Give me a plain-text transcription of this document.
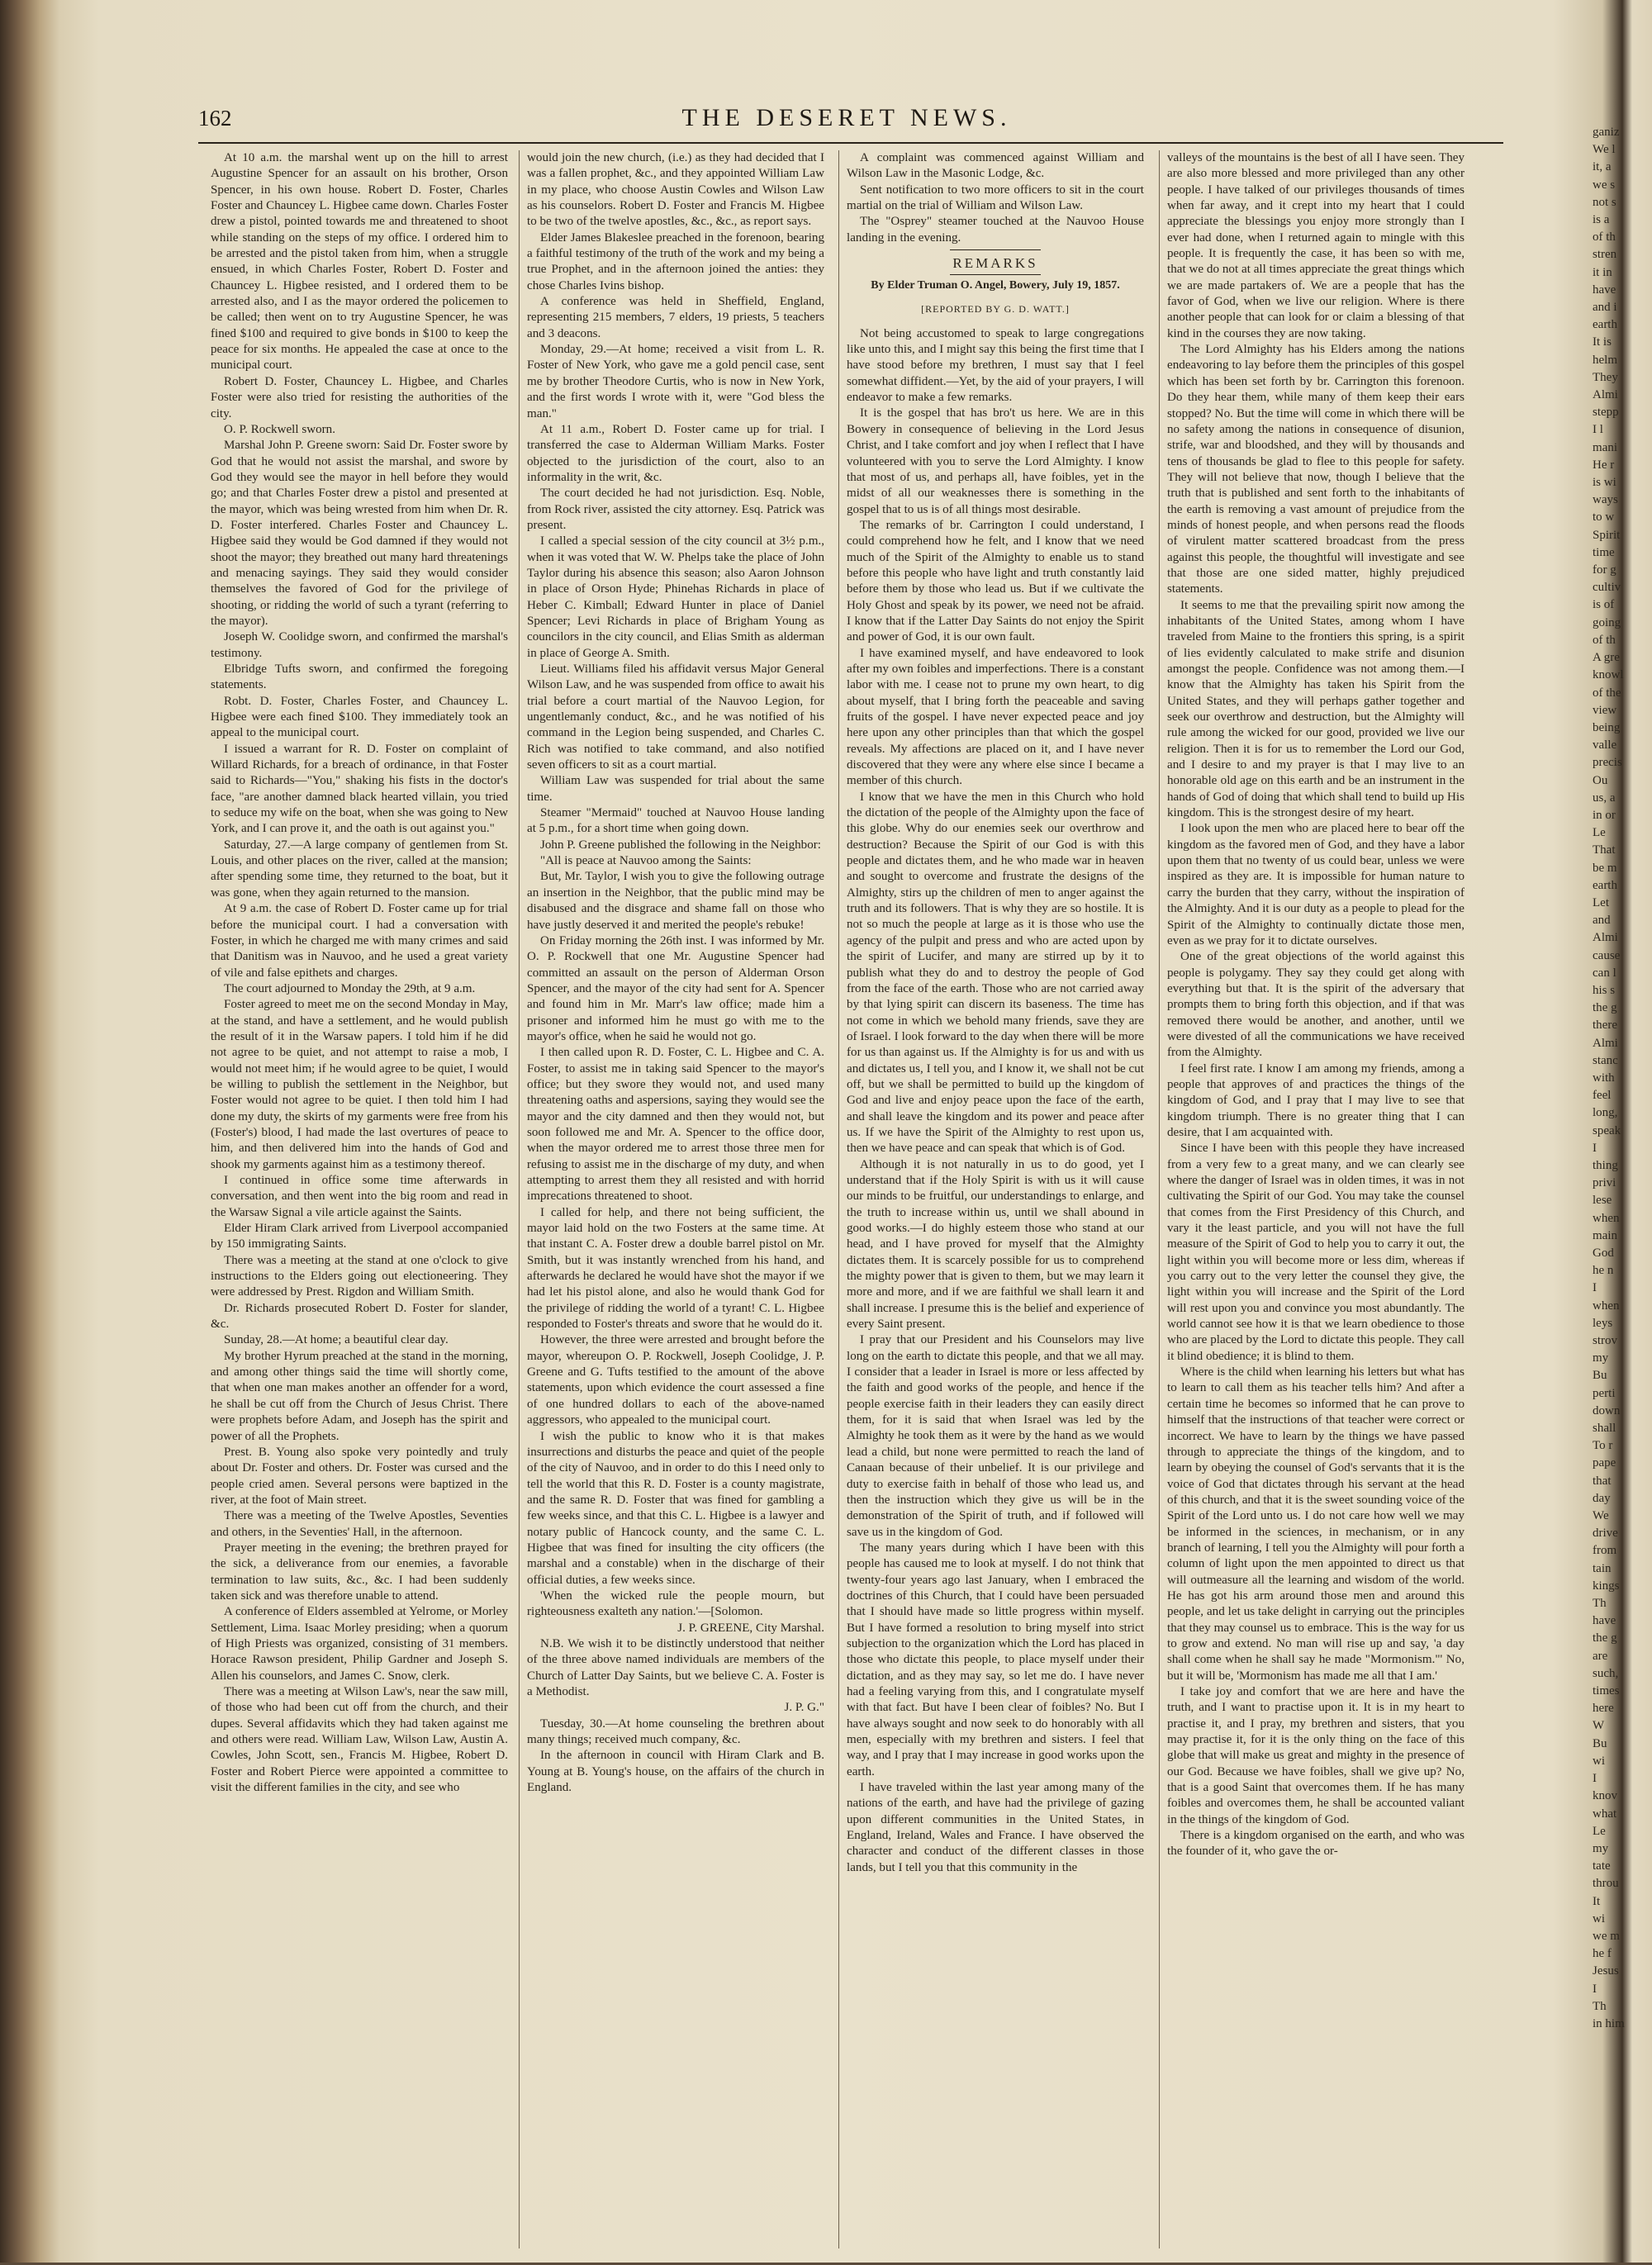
162	THE DESERET NEWS.

At 10 a.m. the marshal went up on the hill to arrest Augustine Spencer for an assault on his brother, Orson Spencer, in his own house. Robert D. Foster, Charles Foster and Chauncey L. Higbee came down. Charles Foster drew a pistol, pointed towards me and threatened to shoot while standing on the steps of my office. I ordered him to be arrested and the pistol taken from him, when a struggle ensued, in which Charles Foster, Robert D. Foster and Chauncey L. Higbee resisted, and I ordered them to be arrested also, and I as the mayor ordered the policemen to be called; then went on to try Augustine Spencer, he was fined $100 and required to give bonds in $100 to keep the peace for six months. He appealed the case at once to the municipal court.

Robert D. Foster, Chauncey L. Higbee, and Charles Foster were also tried for resisting the authorities of the city.

O. P. Rockwell sworn.

Marshal John P. Greene sworn: Said Dr. Foster swore by God that he would not assist the marshal, and swore by God they would see the mayor in hell before they would go; and that Charles Foster drew a pistol and presented at the mayor, which was being wrested from him when Dr. R. D. Foster interfered. Charles Foster and Chauncey L. Higbee said they would be God damned if they would not shoot the mayor; they breathed out many hard threatenings and menacing sayings. They said they would consider themselves the favored of God for the privilege of shooting, or ridding the world of such a tyrant (referring to the mayor).

Joseph W. Coolidge sworn, and confirmed the marshal's testimony.

Elbridge Tufts sworn, and confirmed the foregoing statements.

Robt. D. Foster, Charles Foster, and Chauncey L. Higbee were each fined $100. They immediately took an appeal to the municipal court.

I issued a warrant for R. D. Foster on complaint of Willard Richards, for a breach of ordinance, in that Foster said to Richards—"You," shaking his fists in the doctor's face, "are another damned black hearted villain, you tried to seduce my wife on the boat, when she was going to New York, and I can prove it, and the oath is out against you."

Saturday, 27.—A large company of gentlemen from St. Louis, and other places on the river, called at the mansion; after spending some time, they returned to the boat, but it was gone, when they again returned to the mansion.

At 9 a.m. the case of Robert D. Foster came up for trial before the municipal court. I had a conversation with Foster, in which he charged me with many crimes and said that Danitism was in Nauvoo, and he used a great variety of vile and false epithets and charges.

The court adjourned to Monday the 29th, at 9 a.m.

Foster agreed to meet me on the second Monday in May, at the stand, and have a settlement, and he would publish the result of it in the Warsaw papers. I told him if he did not agree to be quiet, and not attempt to raise a mob, I would not meet him; if he would agree to be quiet, I would be willing to publish the settlement in the Neighbor, but Foster would not agree to be quiet. I then told him I had done my duty, the skirts of my garments were free from his (Foster's) blood, I had made the last overtures of peace to him, and then delivered him into the hands of God and shook my garments against him as a testimony thereof.

I continued in office some time afterwards in conversation, and then went into the big room and read in the Warsaw Signal a vile article against the Saints.

Elder Hiram Clark arrived from Liverpool accompanied by 150 immigrating Saints.

There was a meeting at the stand at one o'clock to give instructions to the Elders going out electioneering. They were addressed by Prest. Rigdon and William Smith.

Dr. Richards prosecuted Robert D. Foster for slander, &c.

Sunday, 28.—At home; a beautiful clear day.

My brother Hyrum preached at the stand in the morning, and among other things said the time will shortly come, that when one man makes another an offender for a word, he shall be cut off from the Church of Jesus Christ. There were prophets before Adam, and Joseph has the spirit and power of all the Prophets.

Prest. B. Young also spoke very pointedly and truly about Dr. Foster and others. Dr. Foster was cursed and the people cried amen. Several persons were baptized in the river, at the foot of Main street.

There was a meeting of the Twelve Apostles, Seventies and others, in the Seventies' Hall, in the afternoon.

Prayer meeting in the evening; the brethren prayed for the sick, a deliverance from our enemies, a favorable termination to law suits, &c., &c. I had been suddenly taken sick and was therefore unable to attend.

A conference of Elders assembled at Yelrome, or Morley Settlement, Lima. Isaac Morley presiding; when a quorum of High Priests was organized, consisting of 31 members. Horace Rawson president, Philip Gardner and Joseph S. Allen his counselors, and James C. Snow, clerk.

There was a meeting at Wilson Law's, near the saw mill, of those who had been cut off from the church, and their dupes. Several affidavits which they had taken against me and others were read. William Law, Wilson Law, Austin A. Cowles, John Scott, sen., Francis M. Higbee, Robert D. Foster and Robert Pierce were appointed a committee to visit the different families in the city, and see who

would join the new church, (i.e.) as they had decided that I was a fallen prophet, &c., and they appointed William Law in my place, who choose Austin Cowles and Wilson Law as his counselors. Robert D. Foster and Francis M. Higbee to be two of the twelve apostles, &c., &c., as report says.

Elder James Blakeslee preached in the forenoon, bearing a faithful testimony of the truth of the work and my being a true Prophet, and in the afternoon joined the anties: they chose Charles Ivins bishop.

A conference was held in Sheffield, England, representing 215 members, 7 elders, 19 priests, 5 teachers and 3 deacons.

Monday, 29.—At home; received a visit from L. R. Foster of New York, who gave me a gold pencil case, sent me by brother Theodore Curtis, who is now in New York, and the first words I wrote with it, were "God bless the man."

At 11 a.m., Robert D. Foster came up for trial. I transferred the case to Alderman William Marks. Foster objected to the jurisdiction of the court, also to an informality in the writ, &c.

The court decided he had not jurisdiction. Esq. Noble, from Rock river, assisted the city attorney. Esq. Patrick was present.

I called a special session of the city council at 3½ p.m., when it was voted that W. W. Phelps take the place of John Taylor during his absence this season; also Aaron Johnson in place of Orson Hyde; Phinehas Richards in place of Heber C. Kimball; Edward Hunter in place of Daniel Spencer; Levi Richards in place of Brigham Young as councilors in the city council, and Elias Smith as alderman in place of George A. Smith.

Lieut. Williams filed his affidavit versus Major General Wilson Law, and he was suspended from office to await his trial before a court martial of the Nauvoo Legion, for ungentlemanly conduct, &c., and he was notified of his command in the Legion being suspended, and Charles C. Rich was notified to take command, and also notified seven officers to sit as a court martial.

William Law was suspended for trial about the same time.

Steamer "Mermaid" touched at Nauvoo House landing at 5 p.m., for a short time when going down.

John P. Greene published the following in the Neighbor:

"All is peace at Nauvoo among the Saints:

But, Mr. Taylor, I wish you to give the following outrage an insertion in the Neighbor, that the public mind may be disabused and the disgrace and shame fall on those who have justly deserved it and merited the people's rebuke!

On Friday morning the 26th inst. I was informed by Mr. O. P. Rockwell that one Mr. Augustine Spencer had committed an assault on the person of Alderman Orson Spencer, and the mayor of the city had sent for A. Spencer and found him in Mr. Marr's law office; made him a prisoner and informed him he must go with me to the mayor's office, when he said he would not go.

I then called upon R. D. Foster, C. L. Higbee and C. A. Foster, to assist me in taking said Spencer to the mayor's office; but they swore they would not, and used many threatening oaths and aspersions, saying they would see the mayor and the city damned and then they would not, but soon followed me and Mr. A. Spencer to the office door, when the mayor ordered me to arrest those three men for refusing to assist me in the discharge of my duty, and when attempting to arrest them they all resisted and with horrid imprecations threatened to shoot.

I called for help, and there not being sufficient, the mayor laid hold on the two Fosters at the same time. At that instant C. A. Foster drew a double barrel pistol on Mr. Smith, but it was instantly wrenched from his hand, and afterwards he declared he would have shot the mayor if we had let his pistol alone, and also he would thank God for the privilege of ridding the world of a tyrant! C. L. Higbee responded to Foster's threats and swore that he would do it.

However, the three were arrested and brought before the mayor, whereupon O. P. Rockwell, Joseph Coolidge, J. P. Greene and G. Tufts testified to the amount of the above statements, upon which evidence the court assessed a fine of one hundred dollars to each of the above-named aggressors, who appealed to the municipal court.

I wish the public to know who it is that makes insurrections and disturbs the peace and quiet of the people of the city of Nauvoo, and in order to do this I need only to tell the world that this R. D. Foster is a county magistrate, and the same R. D. Foster that was fined for gambling a few weeks since, and that this C. L. Higbee is a lawyer and notary public of Hancock county, and the same C. L. Higbee that was fined for insulting the city officers (the marshal and a constable) when in the discharge of their official duties, a few weeks since.

'When the wicked rule the people mourn, but righteousness exalteth any nation.'—[Solomon.

J. P. GREENE, City Marshal.

N.B. We wish it to be distinctly understood that neither of the three above named individuals are members of the Church of Latter Day Saints, but we believe C. A. Foster is a Methodist.

J. P. G."

Tuesday, 30.—At home counseling the brethren about many things; received much company, &c.

In the afternoon in council with Hiram Clark and B. Young at B. Young's house, on the affairs of the church in England.

A complaint was commenced against William and Wilson Law in the Masonic Lodge, &c.

Sent notification to two more officers to sit in the court martial on the trial of William and Wilson Law.

The "Osprey" steamer touched at the Nauvoo House landing in the evening.

REMARKS
By Elder Truman O. Angel, Bowery, July 19, 1857.
[REPORTED BY G. D. WATT.]

Not being accustomed to speak to large congregations like unto this, and I might say this being the first time that I have stood before my brethren, I must say that I feel somewhat diffident.—Yet, by the aid of your prayers, I will endeavor to make a few remarks.

It is the gospel that has bro't us here. We are in this Bowery in consequence of believing in the Lord Jesus Christ, and I take comfort and joy when I reflect that I have volunteered with you to serve the Lord Almighty. I know that most of us, and perhaps all, have foibles, yet in the midst of all our weaknesses there is something in the gospel that to us is of all things most desirable.

The remarks of br. Carrington I could understand, I could comprehend how he felt, and I know that we need much of the Spirit of the Almighty to enable us to stand before this people who have light and truth constantly laid before them by those who lead us. But if we cultivate the Holy Ghost and speak by its power, we need not be afraid. I know that if the Latter Day Saints do not enjoy the Spirit and power of God, it is our own fault.

I have examined myself, and have endeavored to look after my own foibles and imperfections. There is a constant labor with me. I cease not to prune my own heart, to dig about myself, that I bring forth the peaceable and saving fruits of the gospel. I have never expected peace and joy here upon any other principles than that which the gospel reveals. My affections are placed on it, and I have never discovered that they were any where else since I became a member of this church.

I know that we have the men in this Church who hold the dictation of the people of the Almighty upon the face of this globe. Why do our enemies seek our overthrow and destruction? Because the Spirit of our God is with this people and dictates them, and he who made war in heaven and sought to overcome and frustrate the designs of the Almighty, stirs up the children of men to anger against the truth and its followers. That is why they are so hostile. It is not so much the people at large as it is those who use the agency of the pulpit and press and who are acted upon by the spirit of Lucifer, and many are stirred up by it to publish what they do and to destroy the people of God from the face of the earth. Those who are not carried away by that lying spirit can discern its baseness. The time has not come in which we behold many friends, save they are of Israel. I look forward to the day when there will be more for us than against us. If the Almighty is for us and with us and dictates us, I tell you, and I know it, we shall not be cut off, but we shall be permitted to build up the kingdom of God and live and enjoy peace upon the face of the earth, and shall leave the kingdom and its power and peace after us. If we have the Spirit of the Almighty to rest upon us, then we have peace and can speak that which is of God.

Although it is not naturally in us to do good, yet I understand that if the Holy Spirit is with us it will cause our minds to be fruitful, our understandings to enlarge, and the truth to increase within us, until we shall abound in good works.—I do highly esteem those who stand at our head, and I have proved for myself that the Almighty dictates them. It is scarcely possible for us to comprehend the mighty power that is given to them, but we may learn it more and more, and if we are faithful we shall learn it and shall increase. I presume this is the belief and experience of every Saint present.

I pray that our President and his Counselors may live long on the earth to dictate this people, and that we all may. I consider that a leader in Israel is more or less affected by the faith and good works of the people, and hence if the people exercise faith in their leaders they can easily direct them, for it is said that when Israel was led by the Almighty he took them as it were by the hand as we would lead a child, but none were permitted to reach the land of Canaan because of their unbelief. It is our privilege and duty to exercise faith in behalf of those who lead us, and then the instruction which they give us will be in the demonstration of the Spirit of truth, and if followed will save us in the kingdom of God.

The many years during which I have been with this people has caused me to look at myself. I do not think that twenty-four years ago last January, when I embraced the doctrines of this Church, that I could have been persuaded that I should have made so little progress within myself. But I have formed a resolution to bring myself into strict subjection to the organization which the Lord has placed in those who dictate this people, to place myself under their dictation, and as they may say, so let me do. I have never had a feeling varying from this, and I congratulate myself with that fact. But have I been clear of foibles? No. But I have always sought and now seek to do honorably with all men, especially with my brethren and sisters. I feel that way, and I pray that I may increase in good works upon the earth.

I have traveled within the last year among many of the nations of the earth, and have had the privilege of gazing upon different communities in the United States, in England, Ireland, Wales and France. I have observed the character and conduct of the different classes in those lands, but I tell you that this community in the

valleys of the mountains is the best of all I have seen. They are also more blessed and more privileged than any other people. I have talked of our privileges thousands of times when far away, and it crept into my heart that I could appreciate the blessings you enjoy more strongly than I ever had done, when I returned again to mingle with this people. It is frequently the case, it has been so with me, that we do not at all times appreciate the great things which we are made partakers of. We are a people that has the favor of God, when we live our religion. Where is there another people that can look for or claim a blessing of that kind in the courses they are now taking.

The Lord Almighty has his Elders among the nations endeavoring to lay before them the principles of this gospel which has been set forth by br. Carrington this forenoon. Do they hear them, while many of them keep their ears stopped? No. But the time will come in which there will be no safety among the nations in consequence of disunion, strife, war and bloodshed, and they will by thousands and tens of thousands be glad to flee to this people for safety. They will not believe that now, though I believe that the truth that is published and sent forth to the inhabitants of the earth is removing a vast amount of prejudice from the minds of honest people, and when persons read the floods of virulent matter scattered broadcast from the press against this people, the thoughtful will investigate and see that those are one sided matter, highly prejudiced statements.

It seems to me that the prevailing spirit now among the inhabitants of the United States, among whom I have traveled from Maine to the frontiers this spring, is a spirit of lies evidently calculated to make strife and disunion amongst the people. Confidence was not among them.—I know that the Almighty has taken his Spirit from the United States, and they will perhaps gather together and seek our overthrow and destruction, but the Almighty will rule among the wicked for our good, provided we live our religion. Then it is for us to remember the Lord our God, and I desire to and my prayer is that I may live to an honorable old age on this earth and be an instrument in the hands of God of doing that which shall tend to build up His kingdom. This is the strongest desire of my heart.

I look upon the men who are placed here to bear off the kingdom as the favored men of God, and they have a labor upon them that no twenty of us could bear, unless we were inspired as they are. It is impossible for human nature to carry the burden that they carry, without the inspiration of the Almighty. And it is our duty as a people to plead for the Spirit of the Almighty to continually dictate those men, even as we pray for it to dictate ourselves.

One of the great objections of the world against this people is polygamy. They say they could get along with everything but that. It is the spirit of the adversary that prompts them to bring forth this objection, and if that was removed there would be another, and another, until we were divested of all the communications we have received from the Almighty.

I feel first rate. I know I am among my friends, among a people that approves of and practices the things of the kingdom of God, and I pray that I may live to see that kingdom triumph. There is no greater thing that I can desire, that I am acquainted with.

Since I have been with this people they have increased from a very few to a great many, and we can clearly see where the danger of Israel was in olden times, it was in not cultivating the Spirit of our God. You may take the counsel that comes from the First Presidency of this Church, and vary it the least particle, and you will not have the full measure of the Spirit of God to help you to carry it out, the light within you will become more or less dim, whereas if you carry out to the very letter the counsel they give, the light within you will increase and the Spirit of the Lord will rest upon you and convince you most abundantly. The world cannot see how it is that we learn obedience to those who are placed by the Lord to dictate this people. They call it blind obedience; it is blind to them.

Where is the child when learning his letters but what has to learn to call them as his teacher tells him? And after a certain time he becomes so informed that he can prove to himself that the instructions of that teacher were correct or incorrect. We have to learn by the things we have passed through to appreciate the things of the kingdom, and to learn by obeying the counsel of God's servants that it is the voice of God that dictates through his servant at the head of this church, and that it is the sweet sounding voice of the Spirit of the Lord unto us. I do not care how well we may be informed in the sciences, in mechanism, or in any branch of learning, I tell you the Almighty will pour forth a column of light upon the men appointed to direct us that will outmeasure all the learning and wisdom of the world. He has got his arm around those men and around this people, and let us take delight in carrying out the principles that they may counsel us to embrace. This is the way for us to grow and extend. No man will rise up and say, 'a day shall come when he shall say he made "Mormonism."' No, but it will be, 'Mormonism has made me all that I am.'

I take joy and comfort that we are here and have the truth, and I want to practise upon it. It is in my heart to practise it, and I pray, my brethren and sisters, that you may practise it, for it is the only thing on the face of this globe that will make us great and mighty in the presence of our God. Because we have foibles, shall we give up? No, that is a good Saint that overcomes them. If he has many foibles and overcomes them, he shall be accounted valiant in the things of the kingdom of God.

There is a kingdom organised on the earth, and who was the founder of it, who gave the or-

ganiz
We l
it, a
we s
not s
is a
of th
stren
it in
have
and i
earth
It is
helm
They
Almi
stepp
I l
mani
He r
is wi
ways
to w
Spirit
time
for g
cultiv
is of
going
of th
A gre
knowl
of the
view
being
valle
precis
Ou
us, a
in or
Le
That
be m
earth
Let
and
Almi
cause
can l
his s
the g
there
Almi
stanc
with
feel
long,
speak
I
thing
privi
lese
when
main
God
he n
I
when
leys
strov
my
Bu
perti
down
shall
To r
pape
that
day
We
drive
from
tain
kings
Th
have
the g
are
such,
times
here
W
Bu
wi
I
knov
what
Le
my
tate
throu
It
wi
we m
he f
Jesus
I
Th
in him
